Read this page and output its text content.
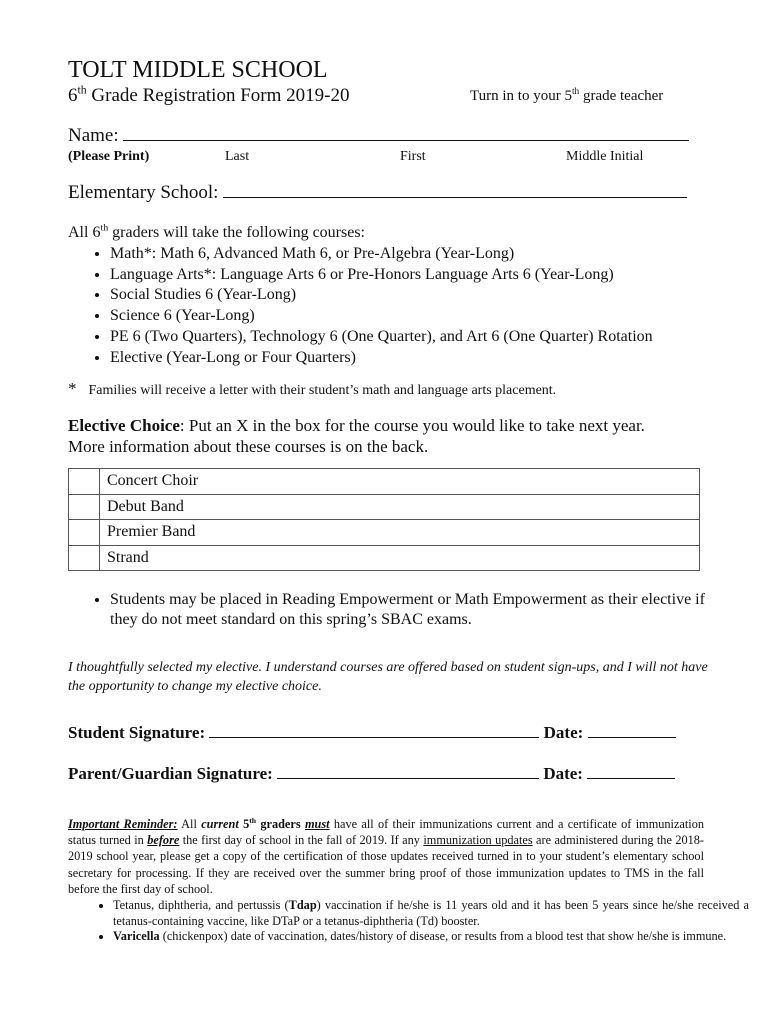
TOLT MIDDLE SCHOOL
6th Grade Registration Form 2019-20	Turn in to your 5th grade teacher
Name:
(Please Print)	Last	First	Middle Initial
Elementary School:
All 6th graders will take the following courses:
• Math*: Math 6, Advanced Math 6, or Pre-Algebra (Year-Long)
• Language Arts*: Language Arts 6 or Pre-Honors Language Arts 6 (Year-Long)
• Social Studies 6 (Year-Long)
• Science 6 (Year-Long)
• PE 6 (Two Quarters), Technology 6 (One Quarter), and Art 6 (One Quarter) Rotation
• Elective (Year-Long or Four Quarters)
* Families will receive a letter with their student’s math and language arts placement.
Elective Choice: Put an X in the box for the course you would like to take next year.
More information about these courses is on the back.
	Concert Choir
	Debut Band
	Premier Band
	Strand
• Students may be placed in Reading Empowerment or Math Empowerment as their elective if they do not meet standard on this spring’s SBAC exams.
I thoughtfully selected my elective. I understand courses are offered based on student sign-ups, and I will not have the opportunity to change my elective choice.
Student Signature:	Date:
Parent/Guardian Signature:	Date:
Important Reminder: All current 5th graders must have all of their immunizations current and a certificate of immunization status turned in before the first day of school in the fall of 2019. If any immunization updates are administered during the 2018-2019 school year, please get a copy of the certification of those updates received turned in to your student’s elementary school secretary for processing. If they are received over the summer bring proof of those immunization updates to TMS in the fall before the first day of school.
• Tetanus, diphtheria, and pertussis (Tdap) vaccination if he/she is 11 years old and it has been 5 years since he/she received a tetanus-containing vaccine, like DTaP or a tetanus-diphtheria (Td) booster.
• Varicella (chickenpox) date of vaccination, dates/history of disease, or results from a blood test that show he/she is immune.
